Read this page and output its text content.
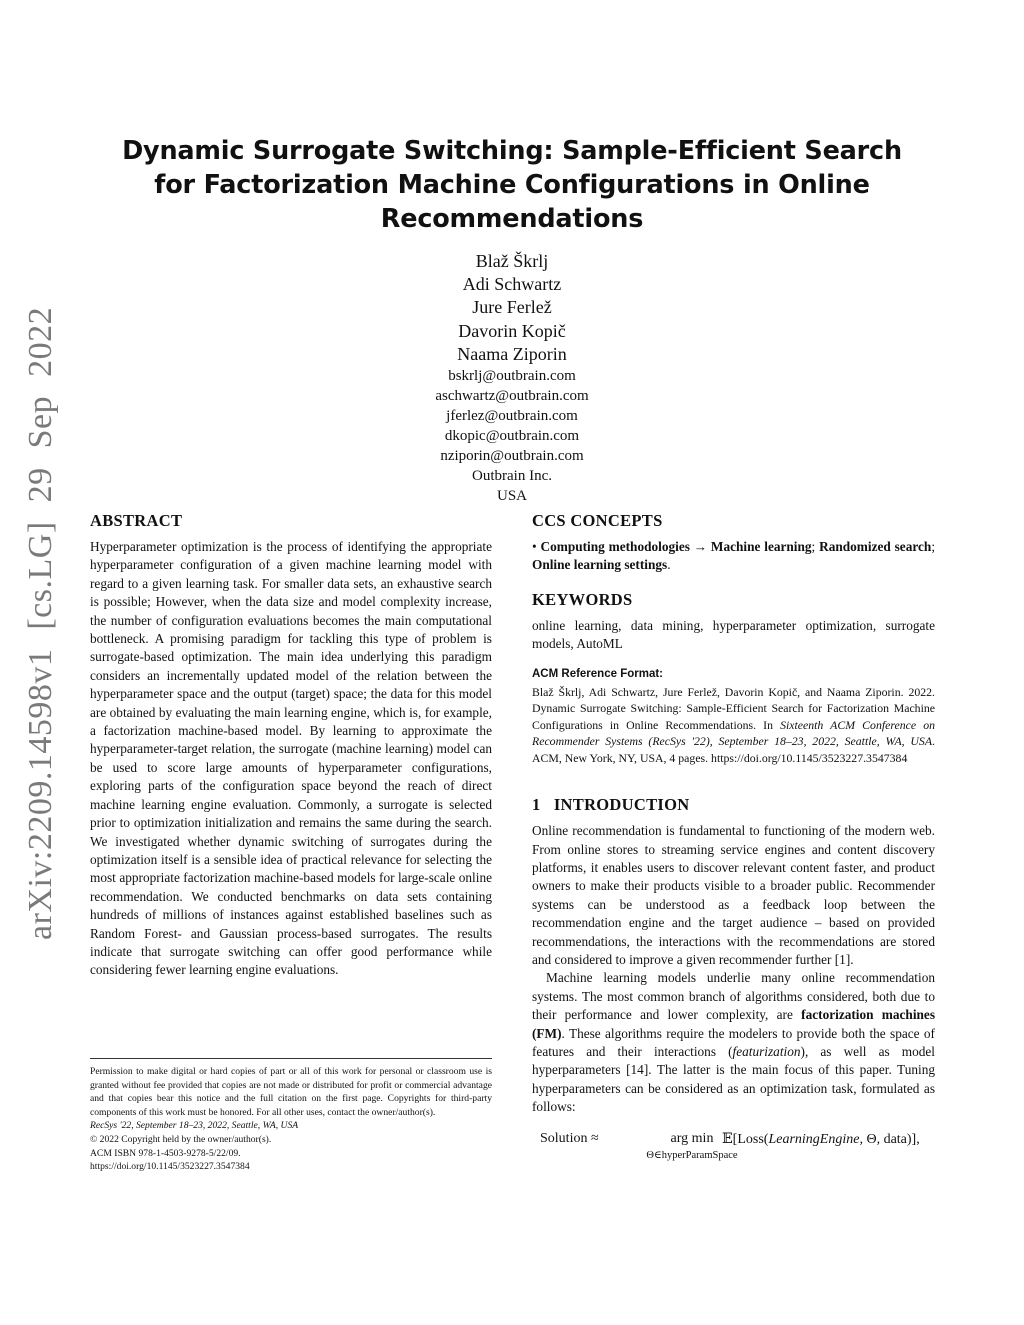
arXiv:2209.14598v1 [cs.LG] 29 Sep 2022
Dynamic Surrogate Switching: Sample-Efficient Search for Factorization Machine Configurations in Online Recommendations
Blaž Škrlj
Adi Schwartz
Jure Ferlež
Davorin Kopič
Naama Ziporin
bskrlj@outbrain.com
aschwartz@outbrain.com
jferlez@outbrain.com
dkopic@outbrain.com
nziporin@outbrain.com
Outbrain Inc.
USA
ABSTRACT

Hyperparameter optimization is the process of identifying the appropriate hyperparameter configuration of a given machine learning model with regard to a given learning task. For smaller data sets, an exhaustive search is possible; However, when the data size and model complexity increase, the number of configuration evaluations becomes the main computational bottleneck. A promising paradigm for tackling this type of problem is surrogate-based optimization. The main idea underlying this paradigm considers an incrementally updated model of the relation between the hyperparameter space and the output (target) space; the data for this model are obtained by evaluating the main learning engine, which is, for example, a factorization machine-based model. By learning to approximate the hyperparameter-target relation, the surrogate (machine learning) model can be used to score large amounts of hyperparameter configurations, exploring parts of the configuration space beyond the reach of direct machine learning engine evaluation. Commonly, a surrogate is selected prior to optimization initialization and remains the same during the search. We investigated whether dynamic switching of surrogates during the optimization itself is a sensible idea of practical relevance for selecting the most appropriate factorization machine-based models for large-scale online recommendation. We conducted benchmarks on data sets containing hundreds of millions of instances against established baselines such as Random Forest- and Gaussian process-based surrogates. The results indicate that surrogate switching can offer good performance while considering fewer learning engine evaluations.

Permission to make digital or hard copies of part or all of this work for personal or classroom use is granted without fee provided that copies are not made or distributed for profit or commercial advantage and that copies bear this notice and the full citation on the first page. Copyrights for third-party components of this work must be honored. For all other uses, contact the owner/author(s).

RecSys '22, September 18–23, 2022, Seattle, WA, USA

© 2022 Copyright held by the owner/author(s).

ACM ISBN 978-1-4503-9278-5/22/09.

https://doi.org/10.1145/3523227.3547384

CCS CONCEPTS

• Computing methodologies → Machine learning; Randomized search; Online learning settings.

KEYWORDS

online learning, data mining, hyperparameter optimization, surrogate models, AutoML

ACM Reference Format:
Blaž Škrlj, Adi Schwartz, Jure Ferlež, Davorin Kopič, and Naama Ziporin. 2022. Dynamic Surrogate Switching: Sample-Efficient Search for Factorization Machine Configurations in Online Recommendations. In Sixteenth ACM Conference on Recommender Systems (RecSys '22), September 18–23, 2022, Seattle, WA, USA. ACM, New York, NY, USA, 4 pages. https://doi.org/10.1145/3523227.3547384
1   INTRODUCTION

Online recommendation is fundamental to functioning of the modern web. From online stores to streaming service engines and content discovery platforms, it enables users to discover relevant content faster, and product owners to make their products visible to a broader public. Recommender systems can be understood as a feedback loop between the recommendation engine and the target audience – based on provided recommendations, the interactions with the recommendations are stored and considered to improve a given recommender further [1].

Machine learning models underlie many online recommendation systems. The most common branch of algorithms considered, both due to their performance and lower complexity, are factorization machines (FM). These algorithms require the modelers to provide both the space of features and their interactions (featurization), as well as model hyperparameters [14]. The latter is the main focus of this paper. Tuning hyperparameters can be considered as an optimization task, formulated as follows:

Solution ≈	arg min
Θ∈hyperParamSpace
𝔼[Loss(LearningEngine, Θ, data)],
